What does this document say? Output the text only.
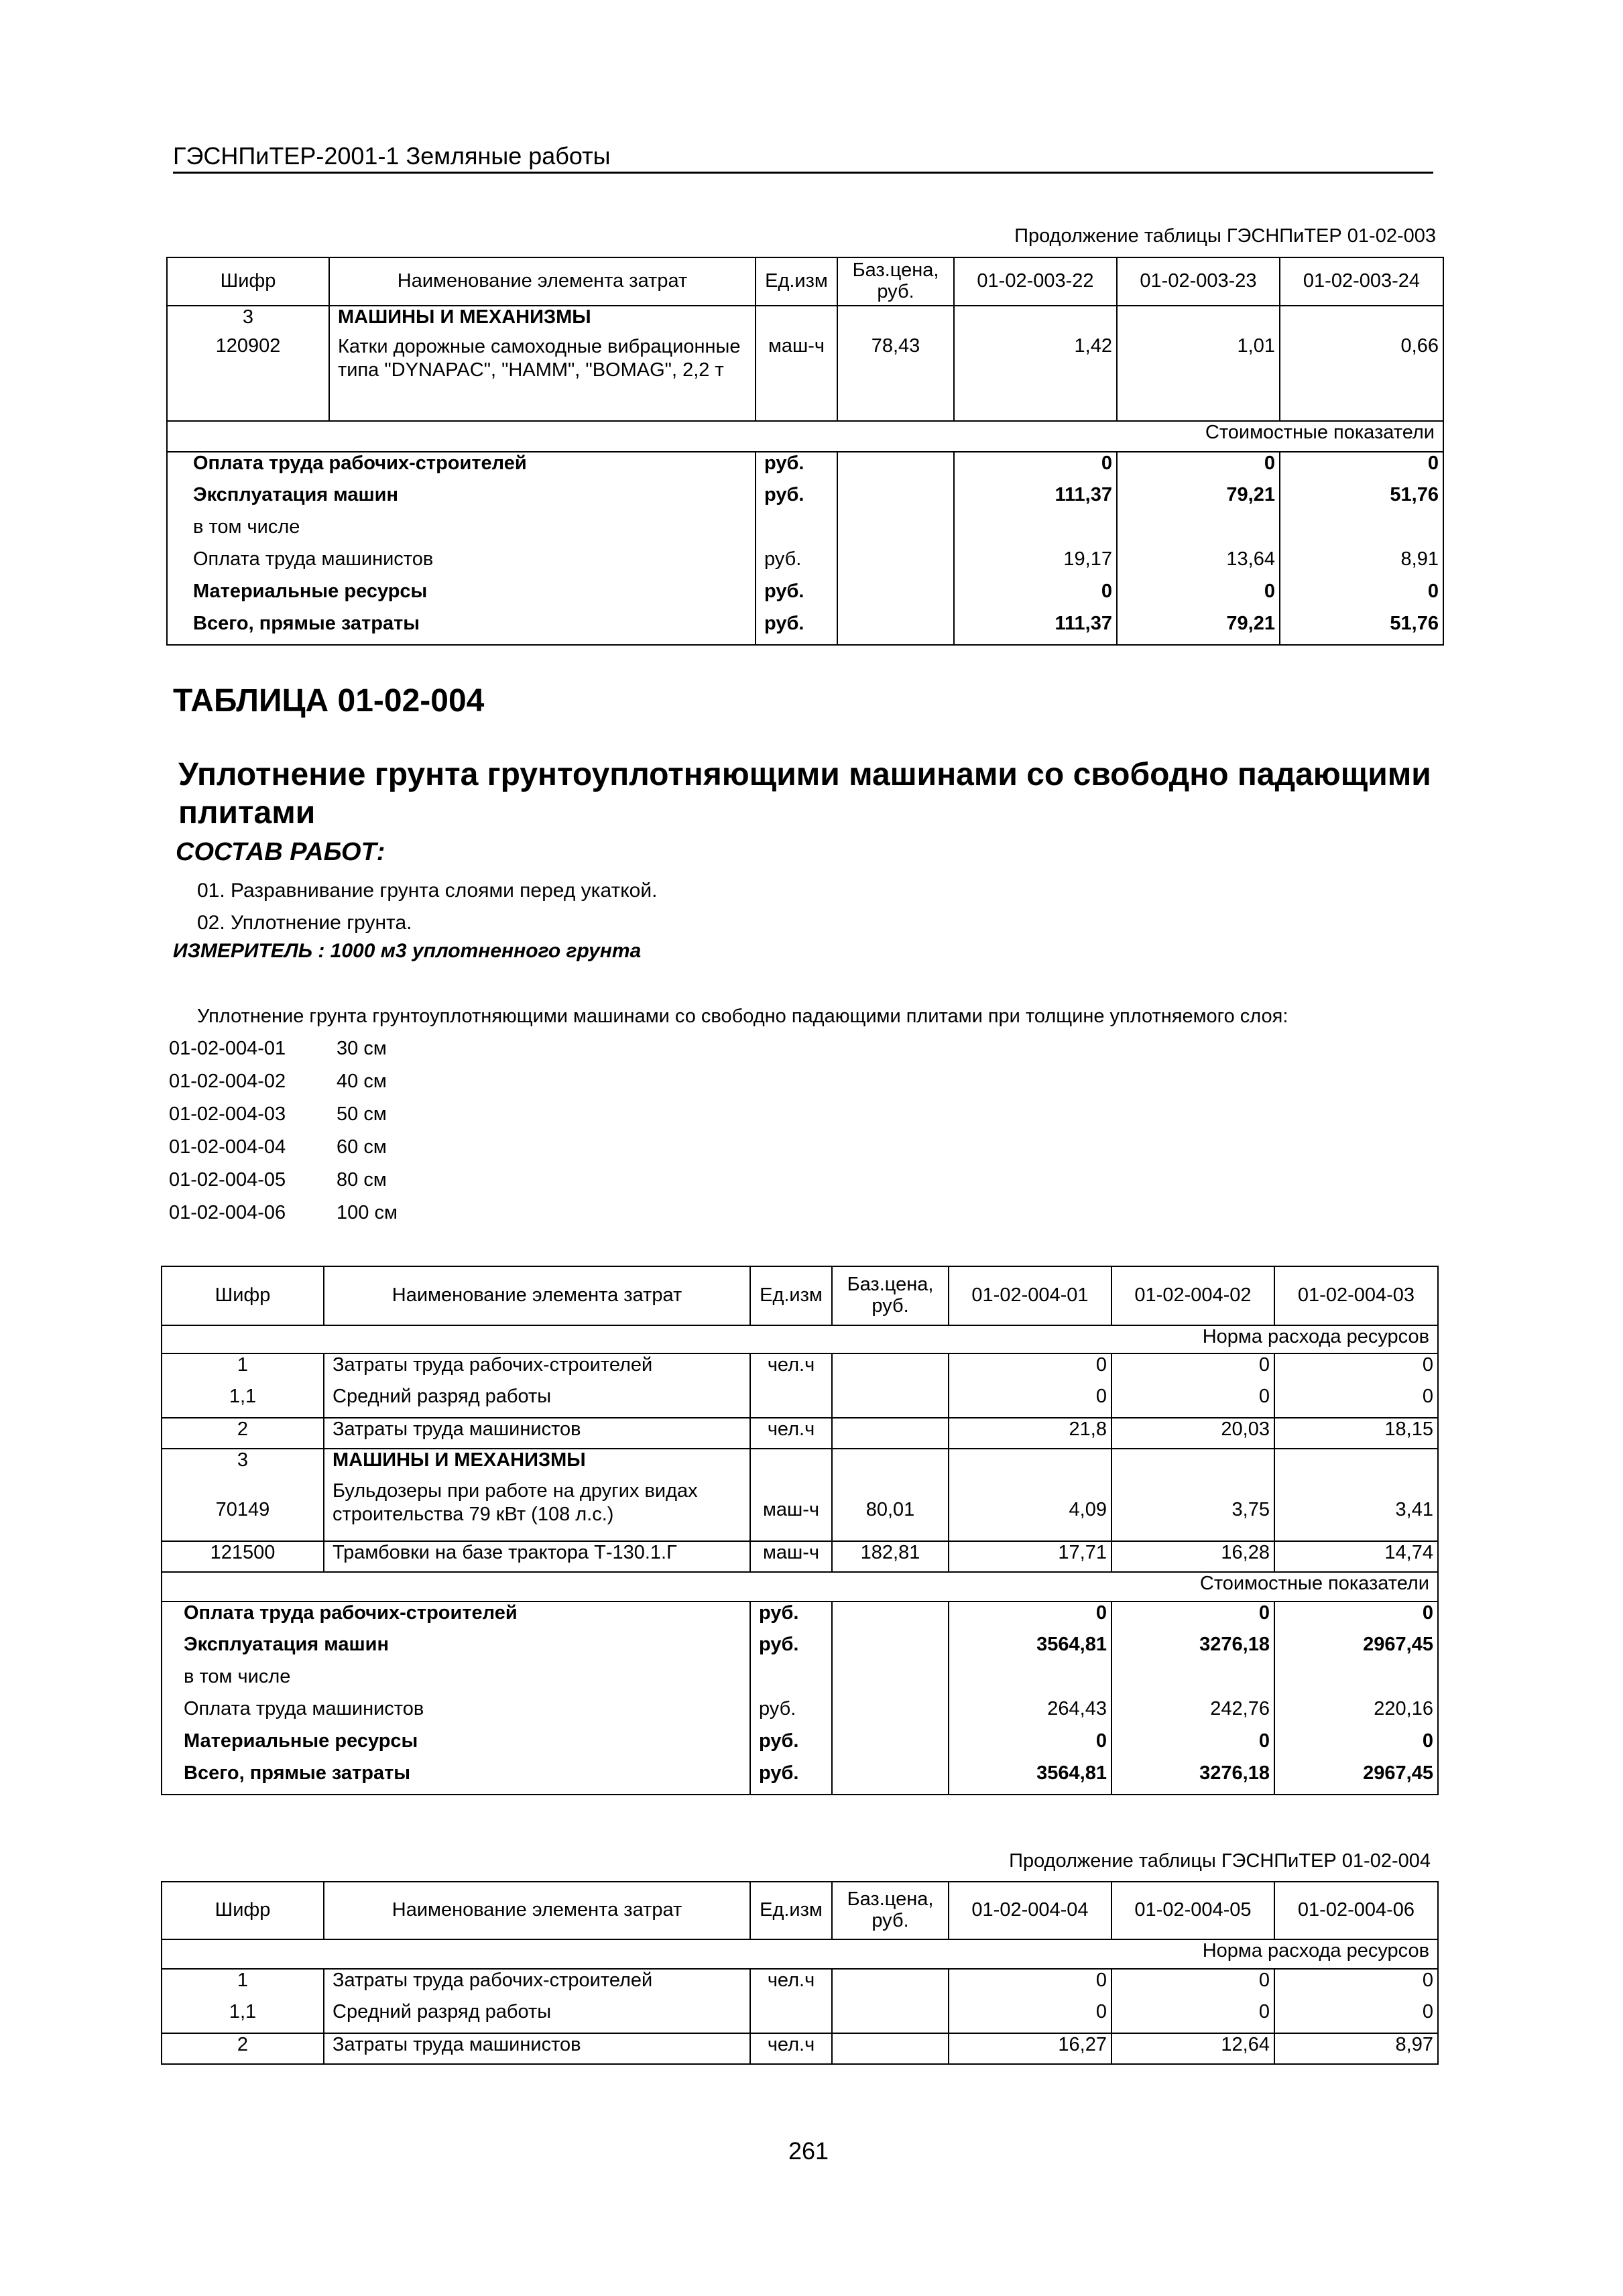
ГЭСНПиТЕР-2001-1 Земляные работы
Продолжение таблицы ГЭСНПиТЕР 01-02-003
Шифр	Наименование элемента затрат	Ед.изм	Баз.цена, руб.	01-02-003-22	01-02-003-23	01-02-003-24
3	МАШИНЫ И МЕХАНИЗМЫ					
120902	Катки дорожные самоходные вибрационные типа "DYNAPAC", "HAMM", "BOMAG", 2,2 т	маш-ч	78,43	1,42	1,01	0,66
Стоимостные показатели						
Оплата труда рабочих-строителей		руб.		0	0	0
Эксплуатация машин		руб.		111,37	79,21	51,76
в том числе						
Оплата труда машинистов		руб.		19,17	13,64	8,91
Материальные ресурсы		руб.		0	0	0
Всего, прямые затраты		руб.		111,37	79,21	51,76
ТАБЛИЦА 01-02-004
Уплотнение грунта грунтоуплотняющими машинами со свободно падающими плитами
СОСТАВ РАБОТ:
01. Разравнивание грунта слоями перед укаткой.
02. Уплотнение грунта.
ИЗМЕРИТЕЛЬ : 1000 м3 уплотненного грунта
Уплотнение грунта грунтоуплотняющими машинами со свободно падающими плитами при толщине уплотняемого слоя:
01-02-004-01	30 см
01-02-004-02	40 см
01-02-004-03	50 см
01-02-004-04	60 см
01-02-004-05	80 см
01-02-004-06	100 см
Шифр	Наименование элемента затрат	Ед.изм	Баз.цена, руб.	01-02-004-01	01-02-004-02	01-02-004-03
Норма расхода ресурсов						
1	Затраты труда рабочих-строителей	чел.ч		0	0	0
1,1	Средний разряд работы			0	0	0
2	Затраты труда машинистов	чел.ч		21,8	20,03	18,15
3	МАШИНЫ И МЕХАНИЗМЫ					
70149	Бульдозеры при работе на других видах строительства 79 кВт (108 л.с.)	маш-ч	80,01	4,09	3,75	3,41
121500	Трамбовки на базе трактора Т-130.1.Г	маш-ч	182,81	17,71	16,28	14,74
Стоимостные показатели						
Оплата труда рабочих-строителей		руб.		0	0	0
Эксплуатация машин		руб.		3564,81	3276,18	2967,45
в том числе						
Оплата труда машинистов		руб.		264,43	242,76	220,16
Материальные ресурсы		руб.		0	0	0
Всего, прямые затраты		руб.		3564,81	3276,18	2967,45
Продолжение таблицы ГЭСНПиТЕР 01-02-004
Шифр	Наименование элемента затрат	Ед.изм	Баз.цена, руб.	01-02-004-04	01-02-004-05	01-02-004-06
Норма расхода ресурсов						
1	Затраты труда рабочих-строителей	чел.ч		0	0	0
1,1	Средний разряд работы			0	0	0
2	Затраты труда машинистов	чел.ч		16,27	12,64	8,97
261
